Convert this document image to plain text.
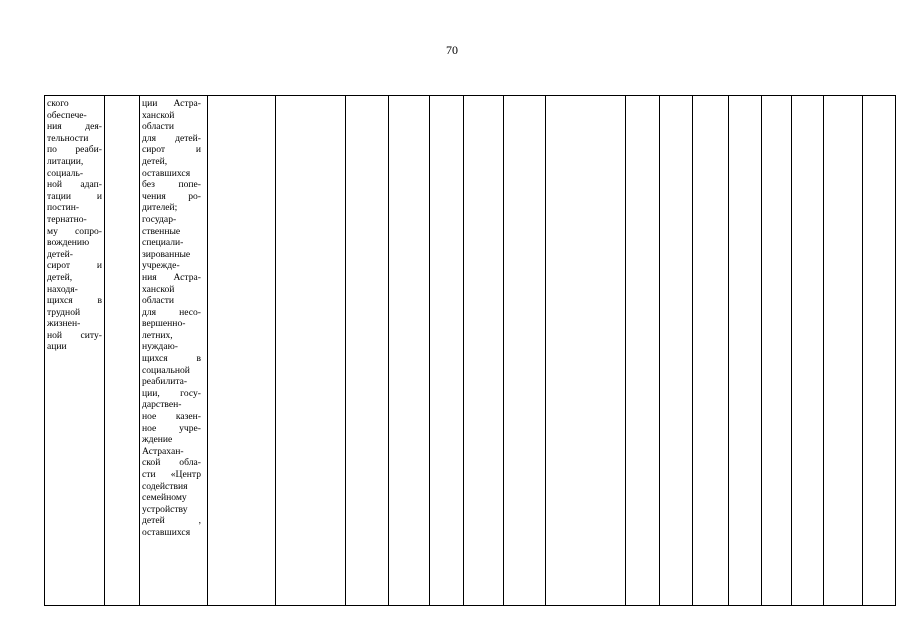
70
ского
обеспече-
ния дея-
тельности
по реаби-
литации,
социаль-
ной адап-
тации и
постин-
тернатно-
му сопро-
вождению
детей-
сирот и
детей,
находя-
щихся в
трудной
жизнен-
ной ситу-
ации
ции Астра-
ханской
области
для детей-
сирот и
детей,
оставшихся
без попе-
чения ро-
дителей;
государ-
ственные
специали-
зированные
учрежде-
ния Астра-
ханской
области
для несо-
вершенно-
летних,
нуждаю-
щихся в
социальной
реабилита-
ции, госу-
дарствен-
ное казен-
ное учре-
ждение
Астрахан-
ской обла-
сти «Центр
содействия
семейному
устройству
детей ,
оставшихся
